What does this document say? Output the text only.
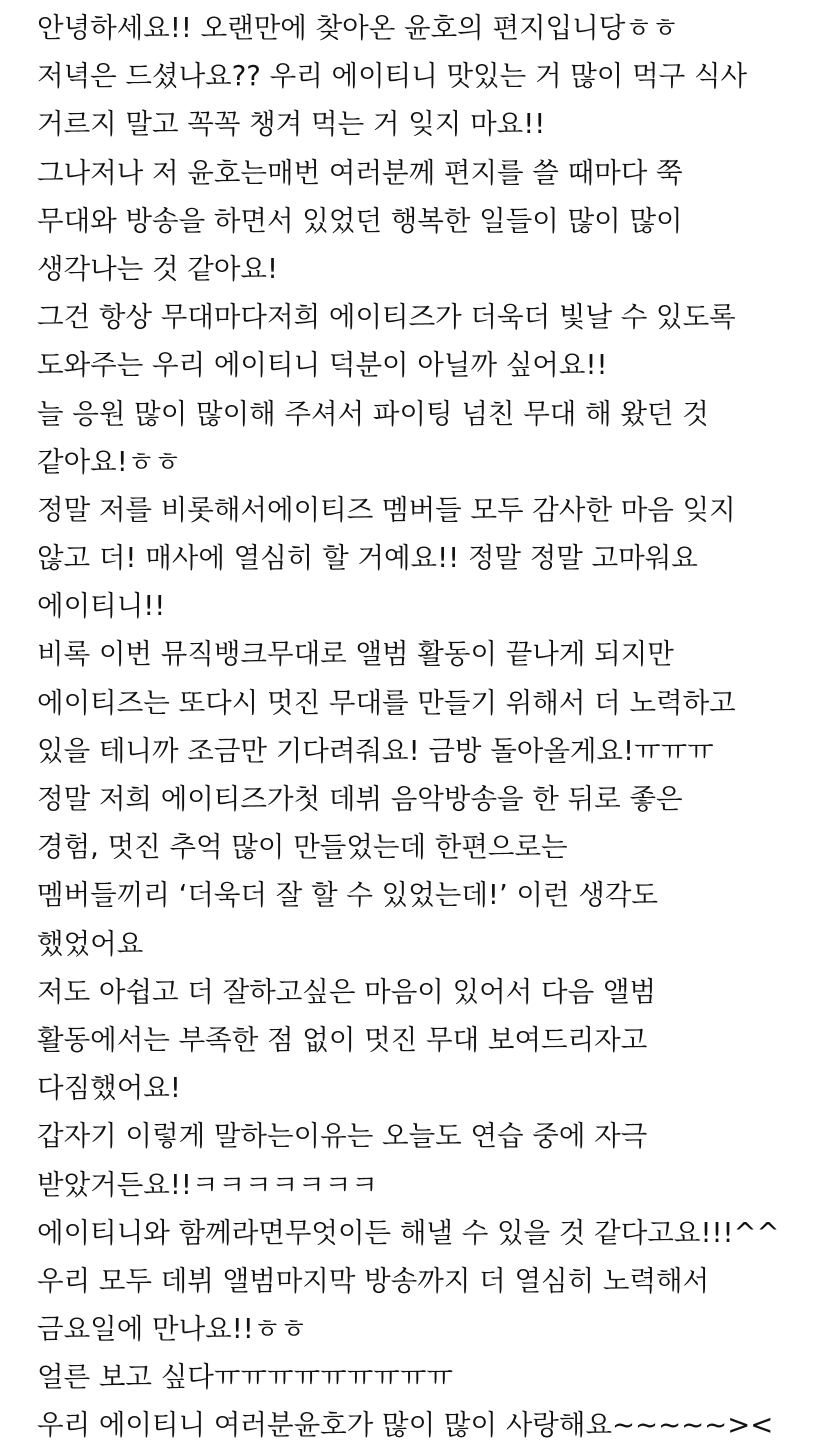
안녕하세요!! 오랜만에 찾아온 윤호의 편지입니당ㅎㅎ
저녁은 드셨나요?? 우리 에이티니 맛있는 거 많이 먹구 식사
거르지 말고 꼭꼭 챙겨 먹는 거 잊지 마요!!
그나저나 저 윤호는매번 여러분께 편지를 쓸 때마다 쭉
무대와 방송을 하면서 있었던 행복한 일들이 많이 많이
생각나는 것 같아요!
그건 항상 무대마다저희 에이티즈가 더욱더 빛날 수 있도록
도와주는 우리 에이티니 덕분이 아닐까 싶어요!!
늘 응원 많이 많이해 주셔서 파이팅 넘친 무대 해 왔던 것
같아요!ㅎㅎ
정말 저를 비롯해서에이티즈 멤버들 모두 감사한 마음 잊지
않고 더! 매사에 열심히 할 거예요!! 정말 정말 고마워요
에이티니!!
비록 이번 뮤직뱅크무대로 앨범 활동이 끝나게 되지만
에이티즈는 또다시 멋진 무대를 만들기 위해서 더 노력하고
있을 테니까 조금만 기다려줘요! 금방 돌아올게요!ㅠㅠㅠ
정말 저희 에이티즈가첫 데뷔 음악방송을 한 뒤로 좋은
경험, 멋진 추억 많이 만들었는데 한편으로는
멤버들끼리 ‘더욱더 잘 할 수 있었는데!’ 이런 생각도
했었어요
저도 아쉽고 더 잘하고싶은 마음이 있어서 다음 앨범
활동에서는 부족한 점 없이 멋진 무대 보여드리자고
다짐했어요!
갑자기 이렇게 말하는이유는 오늘도 연습 중에 자극
받았거든요!!ㅋㅋㅋㅋㅋㅋㅋ
에이티니와 함께라면무엇이든 해낼 수 있을 것 같다고요!!!^^
우리 모두 데뷔 앨범마지막 방송까지 더 열심히 노력해서
금요일에 만나요!!ㅎㅎ
얼른 보고 싶다ㅠㅠㅠㅠㅠㅠㅠㅠㅠ
우리 에이티니 여러분윤호가 많이 많이 사랑해요~~~~~><
